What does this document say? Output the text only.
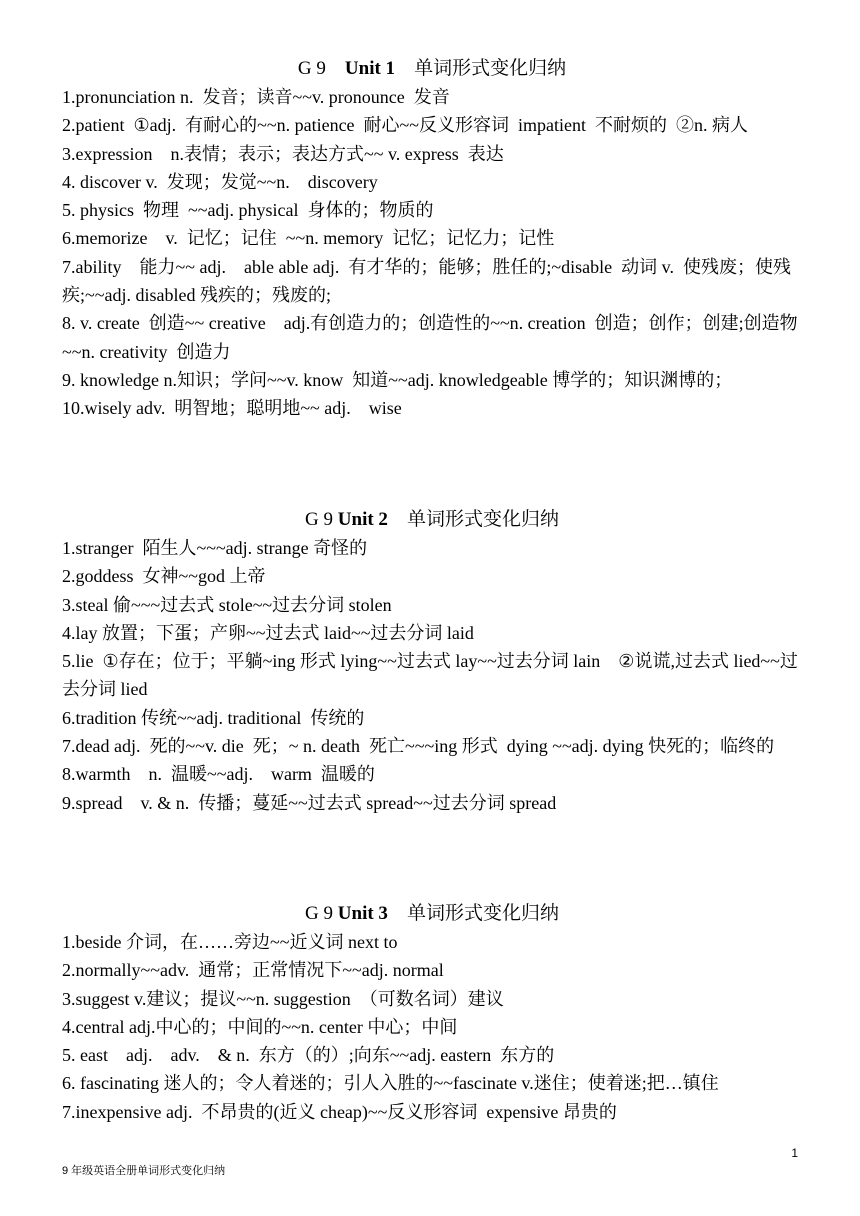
G 9    Unit 1    单词形式变化归纳

1.pronunciation n.  发音；读音~~v. pronounce  发音

2.patient  ①adj.  有耐心的~~n. patience  耐心~~反义形容词  impatient  不耐烦的  ②n. 病人

3.expression    n.表情；表示；表达方式~~ v. express  表达

4. discover v.  发现；发觉~~n.    discovery

5. physics  物理  ~~adj. physical  身体的；物质的

6.memorize    v.  记忆；记住  ~~n. memory  记忆；记忆力；记性

7.ability    能力~~ adj.    able able adj.  有才华的；能够；胜任的;~disable  动词 v.  使残废；使残疾;~~adj. disabled 残疾的；残废的;

8. v. create  创造~~ creative    adj.有创造力的；创造性的~~n. creation  创造；创作；创建;创造物~~n. creativity  创造力

9. knowledge n.知识；学问~~v. know  知道~~adj. knowledgeable 博学的；知识渊博的；

10.wisely adv.  明智地；聪明地~~ adj.    wise

G 9 Unit 2    单词形式变化归纳

1.stranger  陌生人~~~adj. strange 奇怪的

2.goddess  女神~~god 上帝

3.steal 偷~~~过去式 stole~~过去分词 stolen

4.lay 放置；下蛋；产卵~~过去式 laid~~过去分词 laid

5.lie  ①存在；位于；平躺~ing 形式 lying~~过去式 lay~~过去分词 lain    ②说谎,过去式 lied~~过去分词 lied

6.tradition 传统~~adj. traditional  传统的

7.dead adj.  死的~~v. die  死；~ n. death  死亡~~~ing 形式  dying ~~adj. dying 快死的；临终的

8.warmth    n.  温暖~~adj.    warm  温暖的

9.spread    v. & n.  传播；蔓延~~过去式 spread~~过去分词 spread

G 9 Unit 3    单词形式变化归纳

1.beside 介词，在……旁边~~近义词 next to

2.normally~~adv.  通常；正常情况下~~adj. normal

3.suggest v.建议；提议~~n. suggestion  （可数名词）建议

4.central adj.中心的；中间的~~n. center 中心；中间

5. east    adj.    adv.    & n.  东方（的）;向东~~adj. eastern  东方的

6. fascinating 迷人的；令人着迷的；引人入胜的~~fascinate v.迷住；使着迷;把…镇住

7.inexpensive adj.  不昂贵的(近义 cheap)~~反义形容词  expensive 昂贵的

1
9 年级英语全册单词形式变化归纳
